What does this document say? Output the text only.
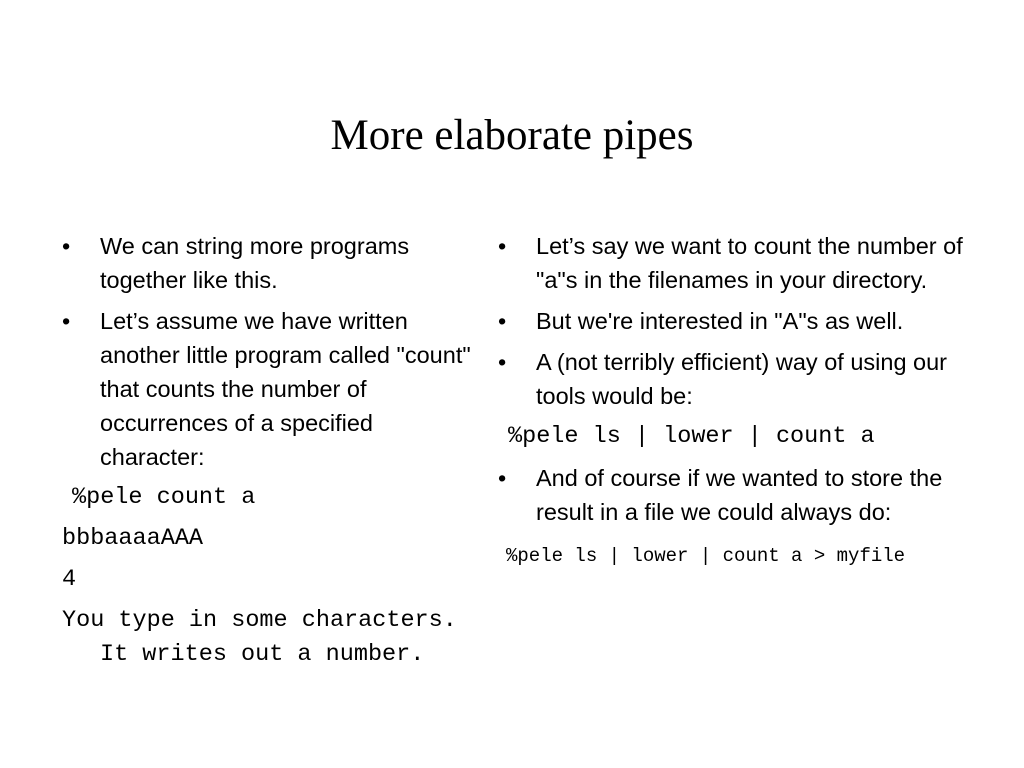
More elaborate pipes
• We can string more programs together like this.
• Let’s assume we have written another little program called "count" that counts the number of occurrences of a specified character:
%pele count a
bbbaaaaAAA
4
You type in some characters. It writes out a number.
• Let’s say we want to count the number of "a"s in the filenames in your directory.
• But we're interested in "A"s as well.
• A (not terribly efficient) way of using our tools would be:
%pele ls | lower | count a
• And of course if we wanted to store the result in a file we could always do:
%pele ls | lower | count a > myfile
